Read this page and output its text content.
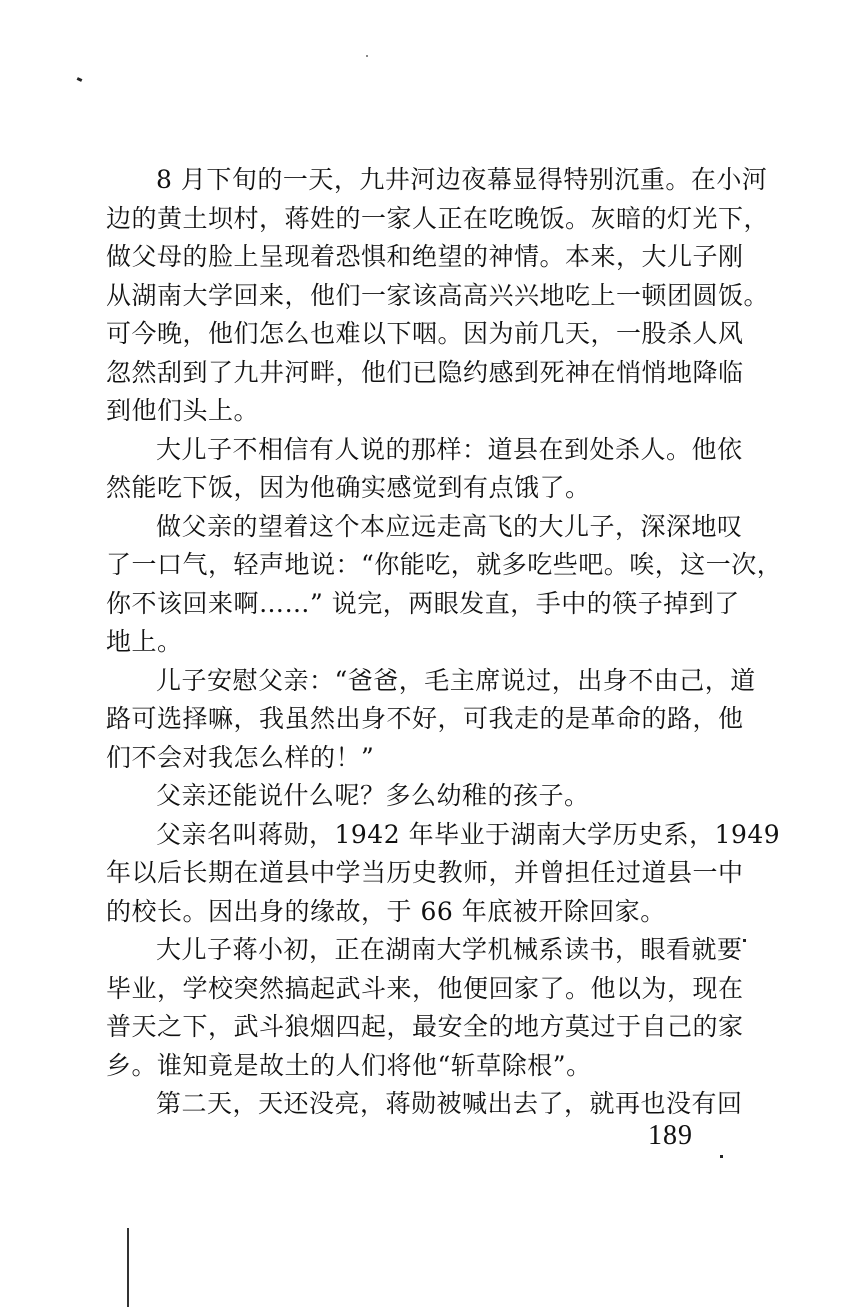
8 月下旬的一天，九井河边夜幕显得特别沉重。在小河
边的黄土坝村，蒋姓的一家人正在吃晚饭。灰暗的灯光下，
做父母的脸上呈现着恐惧和绝望的神情。本来，大儿子刚
从湖南大学回来，他们一家该高高兴兴地吃上一顿团圆饭。
可今晚，他们怎么也难以下咽。因为前几天，一股杀人风
忽然刮到了九井河畔，他们已隐约感到死神在悄悄地降临
到他们头上。
大儿子不相信有人说的那样：道县在到处杀人。他依
然能吃下饭，因为他确实感觉到有点饿了。
做父亲的望着这个本应远走高飞的大儿子，深深地叹
了一口气，轻声地说：“你能吃，就多吃些吧。唉，这一次，
你不该回来啊……” 说完，两眼发直，手中的筷子掉到了
地上。
儿子安慰父亲：“爸爸，毛主席说过，出身不由己，道
路可选择嘛，我虽然出身不好，可我走的是革命的路，他
们不会对我怎么样的！”
父亲还能说什么呢？多么幼稚的孩子。
父亲名叫蒋勋，1942 年毕业于湖南大学历史系，1949
年以后长期在道县中学当历史教师，并曾担任过道县一中
的校长。因出身的缘故，于 66 年底被开除回家。
大儿子蒋小初，正在湖南大学机械系读书，眼看就要
毕业，学校突然搞起武斗来，他便回家了。他以为，现在
普天之下，武斗狼烟四起，最安全的地方莫过于自己的家
乡。谁知竟是故土的人们将他“斩草除根”。
第二天，天还没亮，蒋勋被喊出去了，就再也没有回
189
